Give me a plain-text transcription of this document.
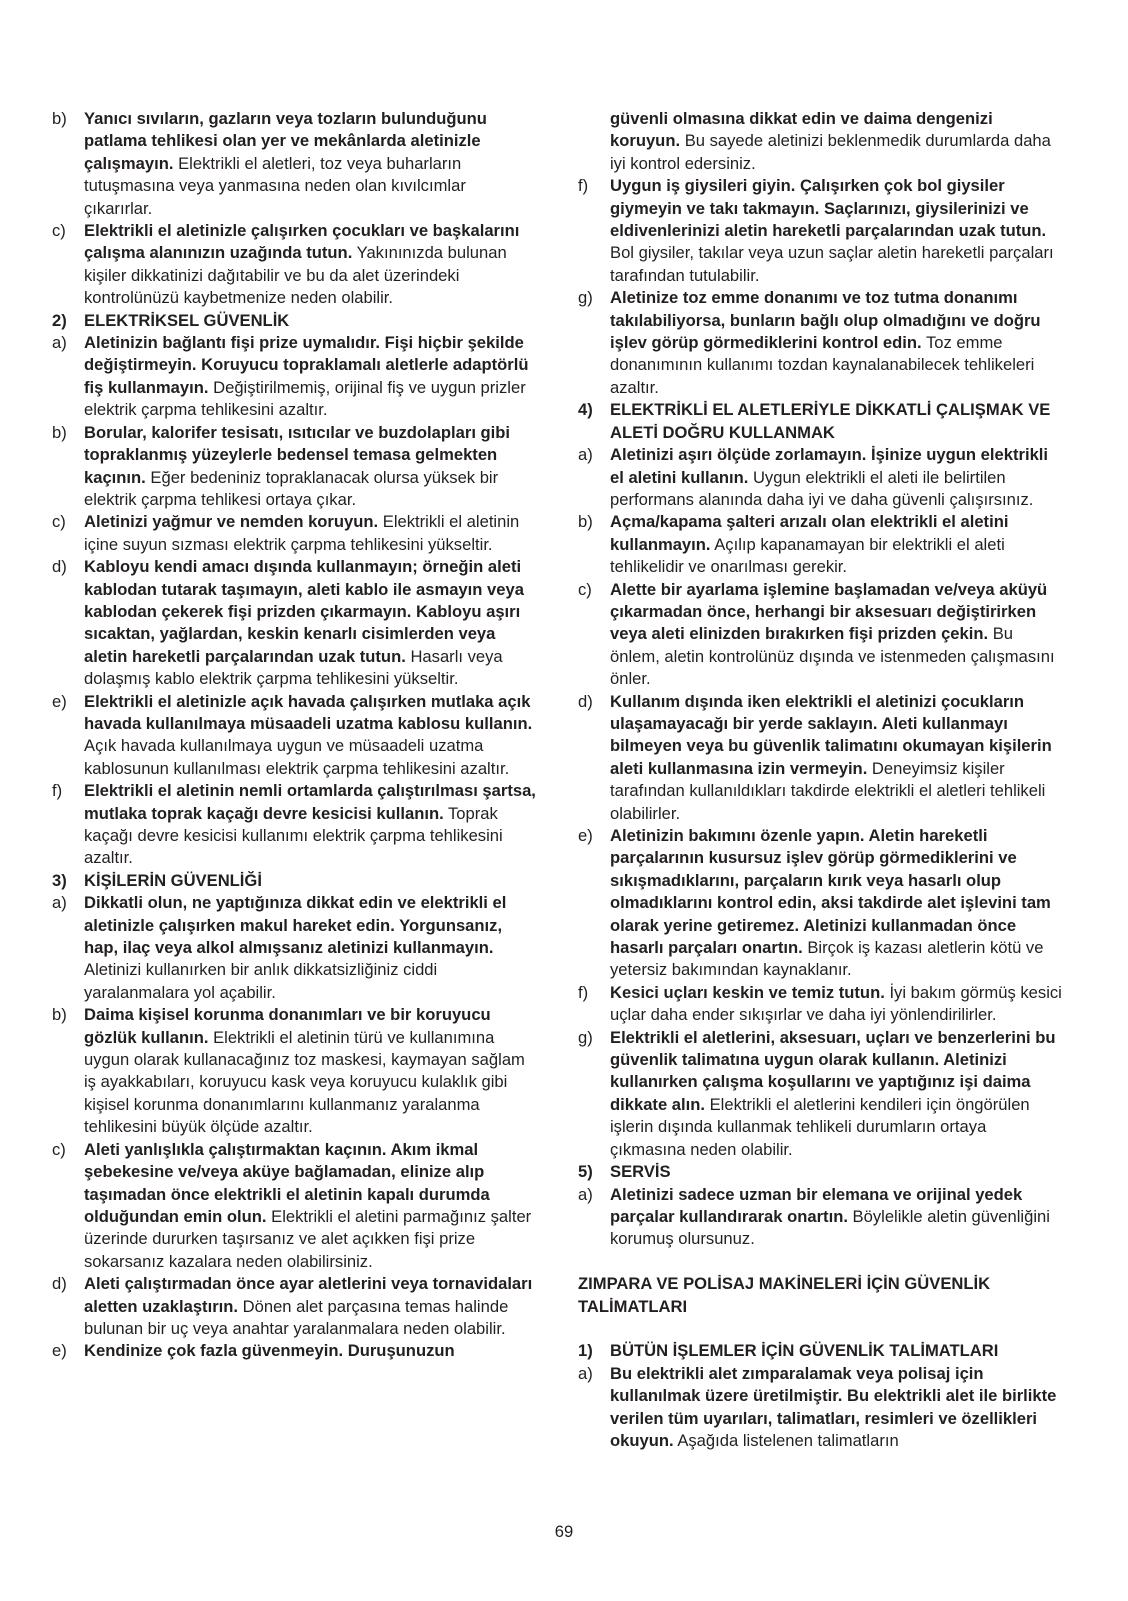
b)	Yanıcı sıvıların, gazların veya tozların bulunduğunu patlama tehlikesi olan yer ve mekânlarda aletinizle çalışmayın. Elektrikli el aletleri, toz veya buharların tutuşmasına veya yanmasına neden olan kıvılcımlar çıkarırlar.
c)	Elektrikli el aletinizle çalışırken çocukları ve başkalarını çalışma alanınızın uzağında tutun. Yakınınızda bulunan kişiler dikkatinizi dağıtabilir ve bu da alet üzerindeki kontrolünüzü kaybetmenize neden olabilir.
2)	ELEKTRİKSEL GÜVENLİK
a)	Aletinizin bağlantı fişi prize uymalıdır. Fişi hiçbir şekilde değiştirmeyin. Koruyucu topraklamalı aletlerle adaptörlü fiş kullanmayın. Değiştirilmemiş, orijinal fiş ve uygun prizler elektrik çarpma tehlikesini azaltır.
b)	Borular, kalorifer tesisatı, ısıtıcılar ve buzdolapları gibi topraklanmış yüzeylerle bedensel temasa gelmekten kaçının. Eğer bedeniniz topraklanacak olursa yüksek bir elektrik çarpma tehlikesi ortaya çıkar.
c)	Aletinizi yağmur ve nemden koruyun. Elektrikli el aletinin içine suyun sızması elektrik çarpma tehlikesini yükseltir.
d)	Kabloyu kendi amacı dışında kullanmayın; örneğin aleti kablodan tutarak taşımayın, aleti kablo ile asmayın veya kablodan çekerek fişi prizden çıkarmayın. Kabloyu aşırı sıcaktan, yağlardan, keskin kenarlı cisimlerden veya aletin hareketli parçalarından uzak tutun. Hasarlı veya dolaşmış kablo elektrik çarpma tehlikesini yükseltir.
e)	Elektrikli el aletinizle açık havada çalışırken mutlaka açık havada kullanılmaya müsaadeli uzatma kablosu kullanın. Açık havada kullanılmaya uygun ve müsaadeli uzatma kablosunun kullanılması elektrik çarpma tehlikesini azaltır.
f)	Elektrikli el aletinin nemli ortamlarda çalıştırılması şartsa, mutlaka toprak kaçağı devre kesicisi kullanın. Toprak kaçağı devre kesicisi kullanımı elektrik çarpma tehlikesini azaltır.
3)	KİŞİLERİN GÜVENLİĞİ
a)	Dikkatli olun, ne yaptığınıza dikkat edin ve elektrikli el aletinizle çalışırken makul hareket edin. Yorgunsanız, hap, ilaç veya alkol almışsanız aletinizi kullanmayın. Aletinizi kullanırken bir anlık dikkatsizliğiniz ciddi yaralanmalara yol açabilir.
b)	Daima kişisel korunma donanımları ve bir koruyucu gözlük kullanın. Elektrikli el aletinin türü ve kullanımına uygun olarak kullanacağınız toz maskesi, kaymayan sağlam iş ayakkabıları, koruyucu kask veya koruyucu kulaklık gibi kişisel korunma donanımlarını kullanmanız yaralanma tehlikesini büyük ölçüde azaltır.
c)	Aleti yanlışlıkla çalıştırmaktan kaçının. Akım ikmal şebekesine ve/veya aküye bağlamadan, elinize alıp taşımadan önce elektrikli el aletinin kapalı durumda olduğundan emin olun. Elektrikli el aletini parmağınız şalter üzerinde dururken taşırsanız ve alet açıkken fişi prize sokarsanız kazalara neden olabilirsiniz.
d)	Aleti çalıştırmadan önce ayar aletlerini veya tornavidaları aletten uzaklaştırın. Dönen alet parçasına temas halinde bulunan bir uç veya anahtar yaralanmalara neden olabilir.
e)	Kendinize çok fazla güvenmeyin. Duruşunuzun
güvenli olmasına dikkat edin ve daima dengenizi koruyun. Bu sayede aletinizi beklenmedik durumlarda daha iyi kontrol edersiniz.
f)	Uygun iş giysileri giyin. Çalışırken çok bol giysiler giymeyin ve takı takmayın. Saçlarınızı, giysilerinizi ve eldivenlerinizi aletin hareketli parçalarından uzak tutun. Bol giysiler, takılar veya uzun saçlar aletin hareketli parçaları tarafından tutulabilir.
g)	Aletinize toz emme donanımı ve toz tutma donanımı takılabiliyorsa, bunların bağlı olup olmadığını ve doğru işlev görüp görmediklerini kontrol edin. Toz emme donanımının kullanımı tozdan kaynalanabilecek tehlikeleri azaltır.
4)	ELEKTRİKLİ EL ALETLERİYLE DİKKATLİ ÇALIŞMAK VE ALETİ DOĞRU KULLANMAK
a)	Aletinizi aşırı ölçüde zorlamayın. İşinize uygun elektrikli el aletini kullanın. Uygun elektrikli el aleti ile belirtilen performans alanında daha iyi ve daha güvenli çalışırsınız.
b)	Açma/kapama şalteri arızalı olan elektrikli el aletini kullanmayın. Açılıp kapanamayan bir elektrikli el aleti tehlikelidir ve onarılması gerekir.
c)	Alette bir ayarlama işlemine başlamadan ve/veya aküyü çıkarmadan önce, herhangi bir aksesuarı değiştirirken veya aleti elinizden bırakırken fişi prizden çekin. Bu önlem, aletin kontrolünüz dışında ve istenmeden çalışmasını önler.
d)	Kullanım dışında iken elektrikli el aletinizi çocukların ulaşamayacağı bir yerde saklayın. Aleti kullanmayı bilmeyen veya bu güvenlik talimatını okumayan kişilerin aleti kullanmasına izin vermeyin. Deneyimsiz kişiler tarafından kullanıldıkları takdirde elektrikli el aletleri tehlikeli olabilirler.
e)	Aletinizin bakımını özenle yapın. Aletin hareketli parçalarının kusursuz işlev görüp görmediklerini ve sıkışmadıklarını, parçaların kırık veya hasarlı olup olmadıklarını kontrol edin, aksi takdirde alet işlevini tam olarak yerine getiremez. Aletinizi kullanmadan önce hasarlı parçaları onartın. Birçok iş kazası aletlerin kötü ve yetersiz bakımından kaynaklanır.
f)	Kesici uçları keskin ve temiz tutun. İyi bakım görmüş kesici uçlar daha ender sıkışırlar ve daha iyi yönlendirilirler.
g)	Elektrikli el aletlerini, aksesuarı, uçları ve benzerlerini bu güvenlik talimatına uygun olarak kullanın. Aletinizi kullanırken çalışma koşullarını ve yaptığınız işi daima dikkate alın. Elektrikli el aletlerini kendileri için öngörülen işlerin dışında kullanmak tehlikeli durumların ortaya çıkmasına neden olabilir.
5)	SERVİS
a)	Aletinizi sadece uzman bir elemana ve orijinal yedek parçalar kullandırarak onartın. Böylelikle aletin güvenliğini korumuş olursunuz.
ZIMPARA VE POLİSAJ MAKİNELERİ İÇİN GÜVENLİK TALİMATLARI
1)	BÜTÜN İŞLEMLER İÇİN GÜVENLİK TALİMATLARI
a)	Bu elektrikli alet zımparalamak veya polisaj için kullanılmak üzere üretilmiştir. Bu elektrikli alet ile birlikte verilen tüm uyarıları, talimatları, resimleri ve özellikleri okuyun. Aşağıda listelenen talimatların
69
